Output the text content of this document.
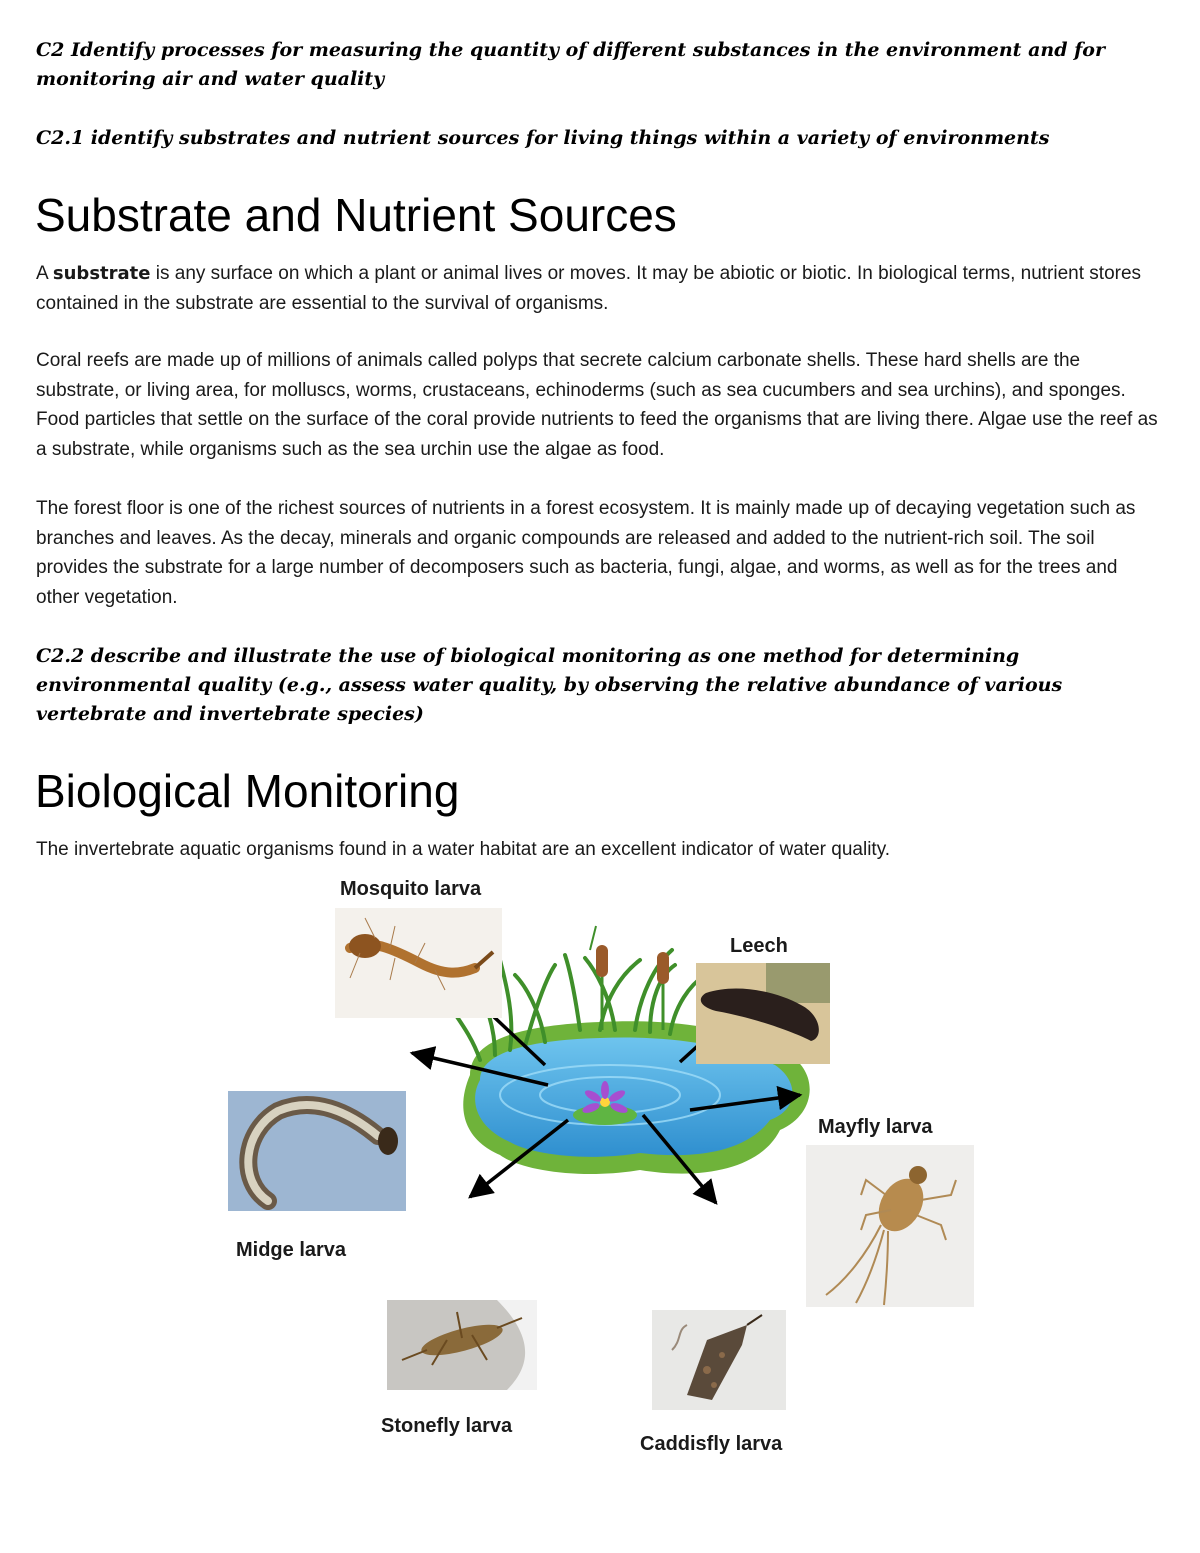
C2 Identify processes for measuring the quantity of different substances in the environment and for monitoring air and water quality

C2.1 identify substrates and nutrient sources for living things within a variety of environments

Substrate and Nutrient Sources

A substrate is any surface on which a plant or animal lives or moves. It may be abiotic or biotic. In biological terms, nutrient stores contained in the substrate are essential to the survival of organisms.

Coral reefs are made up of millions of animals called polyps that secrete calcium carbonate shells. These hard shells are the substrate, or living area, for molluscs, worms, crustaceans, echinoderms (such as sea cucumbers and sea urchins), and sponges. Food particles that settle on the surface of the coral provide nutrients to feed the organisms that are living there. Algae use the reef as a substrate, while organisms such as the sea urchin use the algae as food.

The forest floor is one of the richest sources of nutrients in a forest ecosystem. It is mainly made up of decaying vegetation such as branches and leaves. As the decay, minerals and organic compounds are released and added to the nutrient-rich soil. The soil provides the substrate for a large number of decomposers such as bacteria, fungi, algae, and worms, as well as for the trees and other vegetation.

C2.2 describe and illustrate the use of biological monitoring as one method for determining environmental quality (e.g., assess water quality, by observing the relative abundance of various vertebrate and invertebrate species)

Biological Monitoring

The invertebrate aquatic organisms found in a water habitat are an excellent indicator of water quality.

Mosquito larva
Leech
Midge larva
Mayfly larva
Stonefly larva
Caddisfly larva
